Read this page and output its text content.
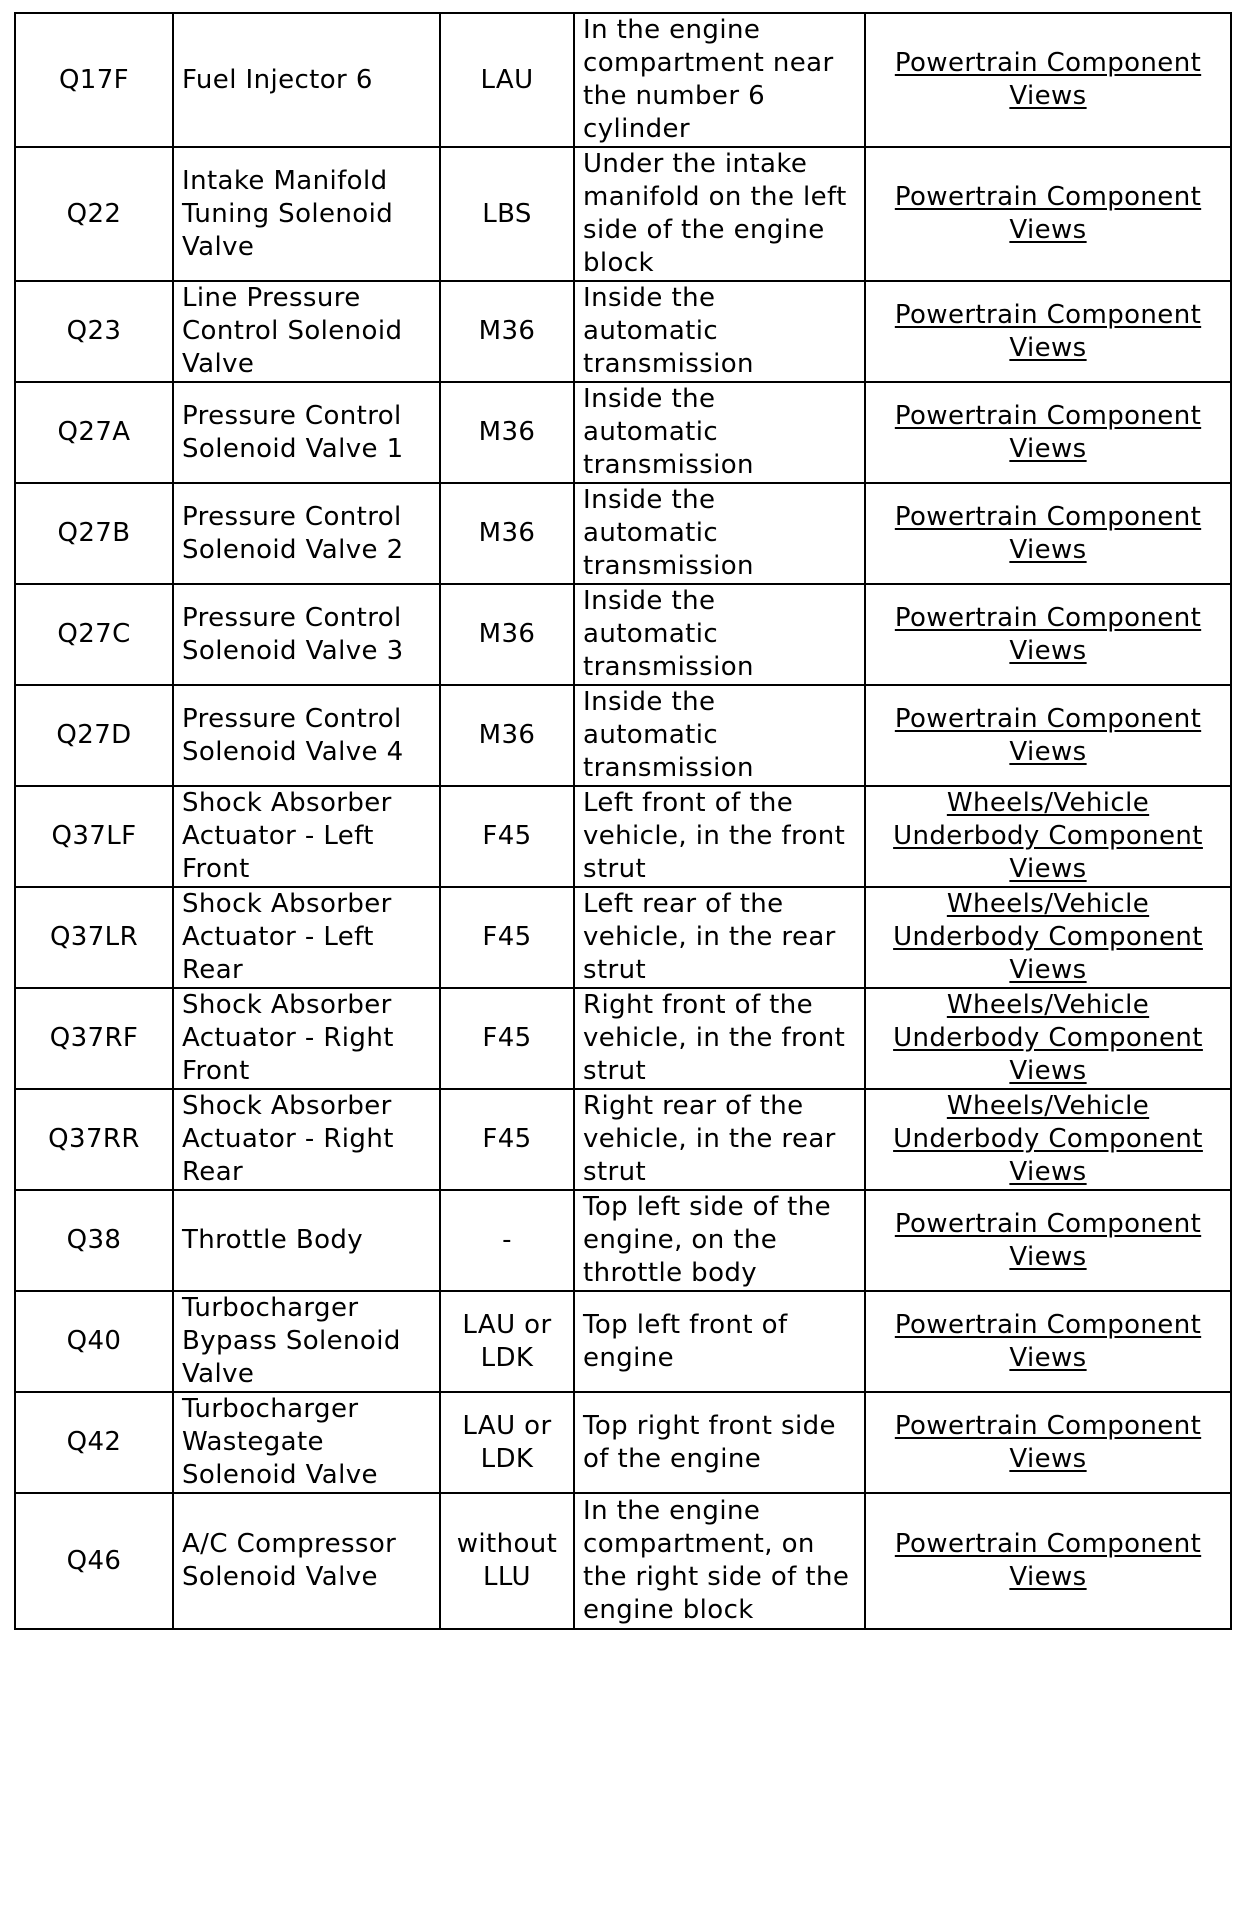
Q17F	Fuel Injector 6	LAU	In the engine compartment near the number 6 cylinder	Powertrain Component Views
Q22	Intake Manifold Tuning Solenoid Valve	LBS	Under the intake manifold on the left side of the engine block	Powertrain Component Views
Q23	Line Pressure Control Solenoid Valve	M36	Inside the automatic transmission	Powertrain Component Views
Q27A	Pressure Control Solenoid Valve 1	M36	Inside the automatic transmission	Powertrain Component Views
Q27B	Pressure Control Solenoid Valve 2	M36	Inside the automatic transmission	Powertrain Component Views
Q27C	Pressure Control Solenoid Valve 3	M36	Inside the automatic transmission	Powertrain Component Views
Q27D	Pressure Control Solenoid Valve 4	M36	Inside the automatic transmission	Powertrain Component Views
Q37LF	Shock Absorber Actuator - Left Front	F45	Left front of the vehicle, in the front strut	Wheels/Vehicle Underbody Component Views
Q37LR	Shock Absorber Actuator - Left Rear	F45	Left rear of the vehicle, in the rear strut	Wheels/Vehicle Underbody Component Views
Q37RF	Shock Absorber Actuator - Right Front	F45	Right front of the vehicle, in the front strut	Wheels/Vehicle Underbody Component Views
Q37RR	Shock Absorber Actuator - Right Rear	F45	Right rear of the vehicle, in the rear strut	Wheels/Vehicle Underbody Component Views
Q38	Throttle Body	-	Top left side of the engine, on the throttle body	Powertrain Component Views
Q40	Turbocharger Bypass Solenoid Valve	LAU or LDK	Top left front of engine	Powertrain Component Views
Q42	Turbocharger Wastegate Solenoid Valve	LAU or LDK	Top right front side of the engine	Powertrain Component Views
Q46	A/C Compressor Solenoid Valve	without LLU	In the engine compartment, on the right side of the engine block	Powertrain Component Views
